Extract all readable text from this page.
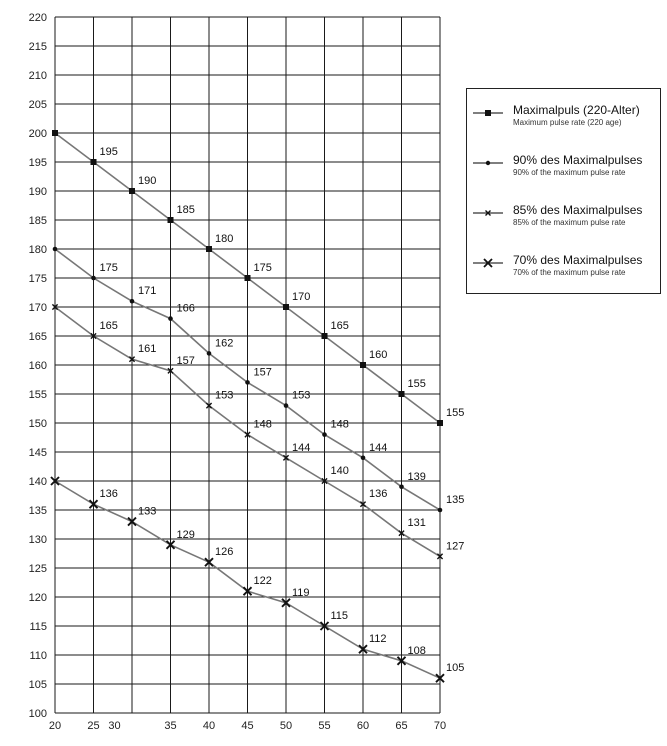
20 25 30	35 40 45 50 55 60 65 70
100
105
110
115
120
125
130
135
140
145
150
155
160
165
170
175
180
185
190
195
200
205
210
215
220
195
190
185
180
175
170
165
160
155
155
175
171
166
162
157
153
148
144
139
135
165
161
157
153
148
144
140
136
131
127
136
133
129
126
122
119
115
112
108
105
Maximalpuls (220-Alter)
Maximum pulse rate (220 age)
90% des Maximalpulses
90% of the maximum pulse rate
85% des Maximalpulses
85% of the maximum pulse rate
70% des Maximalpulses
70% of the maximum pulse rate
